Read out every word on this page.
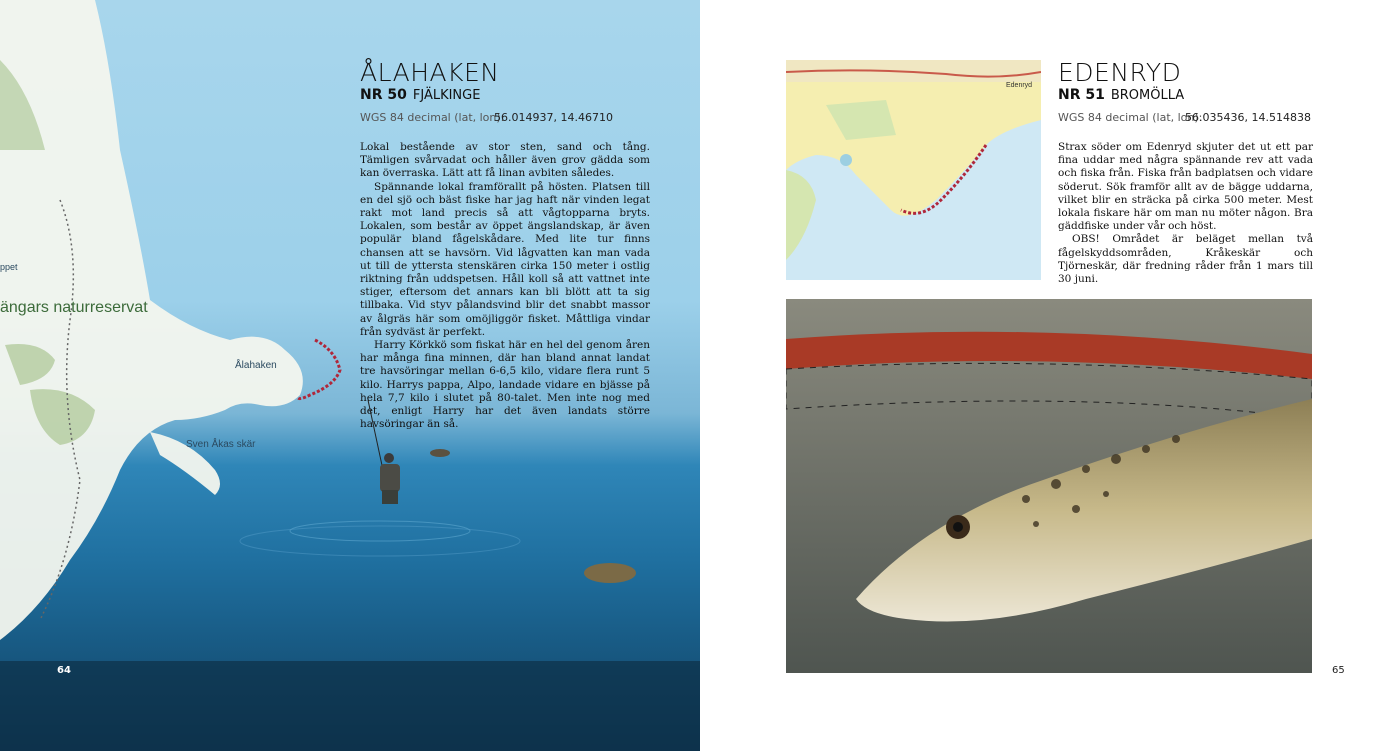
ängars naturreservat
Ålahaken
Sven Åkas skär
ppet
ÅLAHAKEN
NR 50 FJÄLKINGE
WGS 84 decimal (lat, lon):
56.014937, 14.46710

Lokal bestående av stor sten, sand och tång. Tämligen svårvadat och håller även grov gädda som kan överraska. Lätt att få linan avbiten således.

Spännande lokal framförallt på hösten. Platsen till en del sjö och bäst fiske har jag haft när vinden legat rakt mot land precis så att vågtopparna bryts. Lokalen, som består av öppet ängslandskap, är även populär bland fågelskådare. Med lite tur finns chansen att se havsörn. Vid lågvatten kan man vada ut till de yttersta stenskären cirka 150 meter i ostlig riktning från uddspetsen. Håll koll så att vattnet inte stiger, eftersom det annars kan bli blött att ta sig tillbaka. Vid styv pålandsvind blir det snabbt massor av ålgräs här som omöjliggör fisket. Måttliga vindar från sydväst är perfekt.

Harry Körkkö som fiskat här en hel del genom åren har många fina minnen, där han bland annat landat tre havsöringar mellan 6-6,5 kilo, vidare flera runt 5 kilo. Harrys pappa, Alpo, landade vidare en bjässe på hela 7,7 kilo i slutet på 80-talet. Men inte nog med det, enligt Harry har det även landats större havsöringar än så.

64
Edenryd EDENRYD
NR 51 BROMÖLLA
WGS 84 decimal (lat, lon):
56.035436, 14.514838

Strax söder om Edenryd skjuter det ut ett par fina uddar med några spännande rev att vada och fiska från. Fiska från badplatsen och vidare söderut. Sök framför allt av de bägge uddarna, vilket blir en sträcka på cirka 500 meter. Mest lokala fiskare här om man nu möter någon. Bra gäddfiske under vår och höst.

OBS! Området är beläget mellan två fågelskyddsområden, Kråkeskär och Tjörneskär, där fredning råder från 1 mars till 30 juni.

65
